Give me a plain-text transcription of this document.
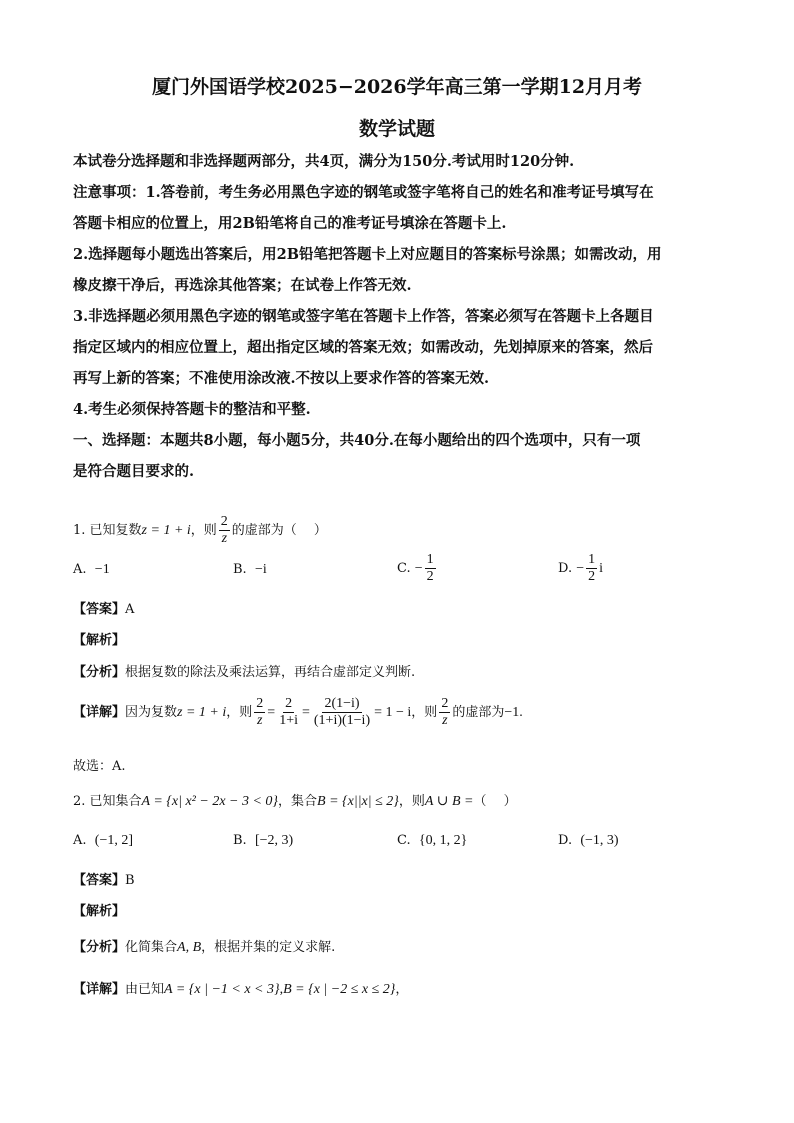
厦门外国语学校2025−2026学年高三第一学期12月月考
数学试题

本试卷分选择题和非选择题两部分，共4页，满分为150分.考试用时120分钟.

注意事项：1.答卷前，考生务必用黑色字迹的钢笔或签字笔将自己的姓名和准考证号填写在

答题卡相应的位置上，用2B铅笔将自己的准考证号填涂在答题卡上.

2.选择题每小题选出答案后，用2B铅笔把答题卡上对应题目的答案标号涂黑；如需改动，用

橡皮擦干净后，再选涂其他答案；在试卷上作答无效.

3.非选择题必须用黑色字迹的钢笔或签字笔在答题卡上作答，答案必须写在答题卡上各题目

指定区域内的相应位置上，超出指定区域的答案无效；如需改动，先划掉原来的答案，然后

再写上新的答案；不准使用涂改液.不按以上要求作答的答案无效.

4.考生必须保持答题卡的整洁和平整.

一、选择题：本题共8小题，每小题5分，共40分.在每小题给出的四个选项中，只有一项

是符合题目要求的.

1. 已知复数z = 1 + i，则 $\frac{2}{z}$ 的虚部为（　 ）
A. −1	B. −i	C. − $\frac{1}{2}$	D. − $\frac{1}{2}$ i
【答案】A
【解析】
【分析】根据复数的除法及乘法运算，再结合虚部定义判断.
【详解】因为复数z = 1 + i，则 $\frac{2}{z} = \frac{2}{1+i} = \frac{2(1-i)}{(1+i)(1-i)} = 1 - i$，则 $\frac{2}{z}$ 的虚部为−1.
故选：A.
2. 已知集合A = {x| x² − 2x − 3 < 0}，集合B = {x||x| ≤ 2}，则A ∪ B =（　 ）
A. (−1, 2]	B. [−2, 3)	C. {0, 1, 2}	D. (−1, 3)
【答案】B
【解析】
【分析】化简集合A, B，根据并集的定义求解.
【详解】由已知A = {x | −1 < x < 3},B = {x | −2 ≤ x ≤ 2}，
